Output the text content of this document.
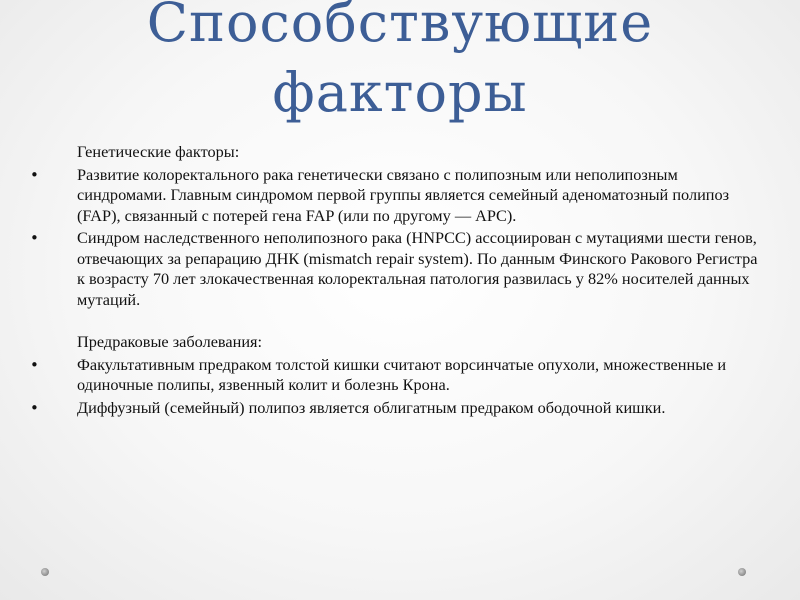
Способствующие
факторы

Генетические факторы:

• Развитие колоректального рака генетически связано с полипозным или неполипозным синдромами. Главным синдромом первой группы является семейный аденоматозный полипоз (FAP), связанный с потерей гена FAP (или по другому — APC).
• Синдром наследственного неполипозного рака (HNPCC) ассоциирован с мутациями шести генов, отвечающих за репарацию ДНК (mismatch repair system). По данным Финского Ракового Регистра к возрасту 70 лет злокачественная колоректальная патология развилась у 82% носителей данных мутаций.

Предраковые заболевания:

• Факультативным предраком толстой кишки считают ворсинчатые опухоли, множественные и одиночные полипы, язвенный колит и болезнь Крона.
• Диффузный (семейный) полипоз является облигатным предраком ободочной кишки.
